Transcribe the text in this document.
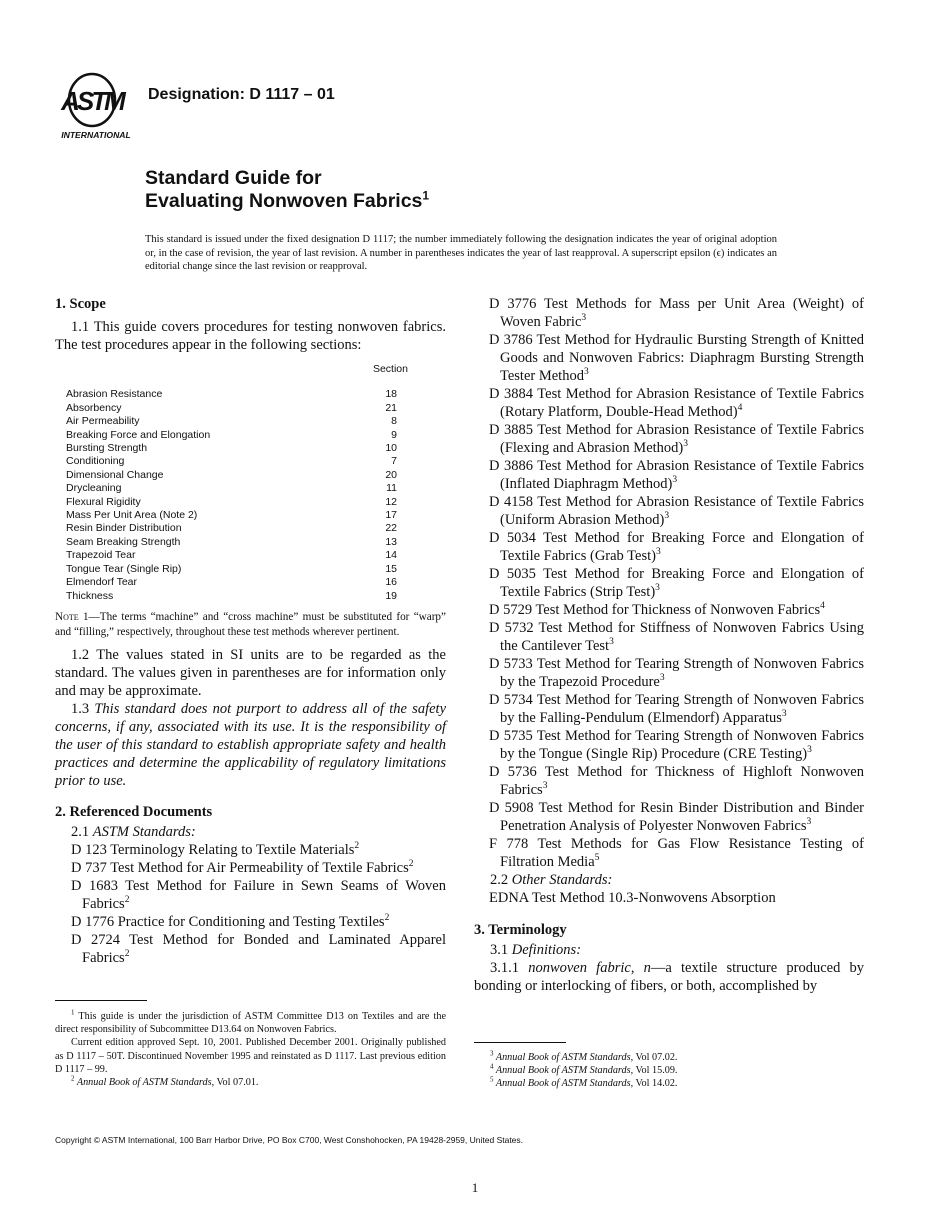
ASTM
INTERNATIONAL
Designation: D 1117 – 01
Standard Guide for
Evaluating Nonwoven Fabrics$^1$
This standard is issued under the fixed designation D 1117; the number immediately following the designation indicates the year of original adoption or, in the case of revision, the year of last revision. A number in parentheses indicates the year of last reapproval. A superscript epsilon (ϵ) indicates an editorial change since the last revision or reapproval.

1. Scope

1.1 This guide covers procedures for testing nonwoven fabrics. The test procedures appear in the following sections:

Section
Abrasion Resistance	18
Absorbency	21
Air Permeability	8
Breaking Force and Elongation	9
Bursting Strength	10
Conditioning	7
Dimensional Change	20
Drycleaning	11
Flexural Rigidity	12
Mass Per Unit Area (Note 2)	17
Resin Binder Distribution	22
Seam Breaking Strength	13
Trapezoid Tear	14
Tongue Tear (Single Rip)	15
Elmendorf Tear	16
Thickness	19
Note 1—The terms “machine” and “cross machine” must be substituted for “warp” and “filling,” respectively, throughout these test methods wherever pertinent.

1.2 The values stated in SI units are to be regarded as the standard. The values given in parentheses are for information only and may be approximate.

1.3 This standard does not purport to address all of the safety concerns, if any, associated with its use. It is the responsibility of the user of this standard to establish appropriate safety and health practices and determine the applicability of regulatory limitations prior to use.

2. Referenced Documents

2.1 ASTM Standards:

D 123 Terminology Relating to Textile Materials$^2$

D 737 Test Method for Air Permeability of Textile Fabrics$^2$

D 1683 Test Method for Failure in Sewn Seams of Woven Fabrics$^2$

D 1776 Practice for Conditioning and Testing Textiles$^2$

D 2724 Test Method for Bonded and Laminated Apparel Fabrics$^2$

D 3776 Test Methods for Mass per Unit Area (Weight) of Woven Fabric$^3$

D 3786 Test Method for Hydraulic Bursting Strength of Knitted Goods and Nonwoven Fabrics: Diaphragm Bursting Strength Tester Method$^3$

D 3884 Test Method for Abrasion Resistance of Textile Fabrics (Rotary Platform, Double-Head Method)$^4$

D 3885 Test Method for Abrasion Resistance of Textile Fabrics (Flexing and Abrasion Method)$^3$

D 3886 Test Method for Abrasion Resistance of Textile Fabrics (Inflated Diaphragm Method)$^3$

D 4158 Test Method for Abrasion Resistance of Textile Fabrics (Uniform Abrasion Method)$^3$

D 5034 Test Method for Breaking Force and Elongation of Textile Fabrics (Grab Test)$^3$

D 5035 Test Method for Breaking Force and Elongation of Textile Fabrics (Strip Test)$^3$

D 5729 Test Method for Thickness of Nonwoven Fabrics$^4$

D 5732 Test Method for Stiffness of Nonwoven Fabrics Using the Cantilever Test$^3$

D 5733 Test Method for Tearing Strength of Nonwoven Fabrics by the Trapezoid Procedure$^3$

D 5734 Test Method for Tearing Strength of Nonwoven Fabrics by the Falling-Pendulum (Elmendorf) Apparatus$^3$

D 5735 Test Method for Tearing Strength of Nonwoven Fabrics by the Tongue (Single Rip) Procedure (CRE Testing)$^3$

D 5736 Test Method for Thickness of Highloft Nonwoven Fabrics$^3$

D 5908 Test Method for Resin Binder Distribution and Binder Penetration Analysis of Polyester Nonwoven Fabrics$^3$

F 778 Test Methods for Gas Flow Resistance Testing of Filtration Media$^5$

2.2 Other Standards:

EDNA Test Method 10.3-Nonwovens Absorption

3. Terminology

3.1 Definitions:

3.1.1 nonwoven fabric, n—a textile structure produced by bonding or interlocking of fibers, or both, accomplished by

$^1$ This guide is under the jurisdiction of ASTM Committee D13 on Textiles and are the direct responsibility of Subcommittee D13.64 on Nonwoven Fabrics.

Current edition approved Sept. 10, 2001. Published December 2001. Originally published as D 1117 – 50T. Discontinued November 1995 and reinstated as D 1117. Last previous edition D 1117 – 99.

$^2$ Annual Book of ASTM Standards, Vol 07.01.

$^3$ Annual Book of ASTM Standards, Vol 07.02.

$^4$ Annual Book of ASTM Standards, Vol 15.09.

$^5$ Annual Book of ASTM Standards, Vol 14.02.

Copyright © ASTM International, 100 Barr Harbor Drive, PO Box C700, West Conshohocken, PA 19428-2959, United States.
1
